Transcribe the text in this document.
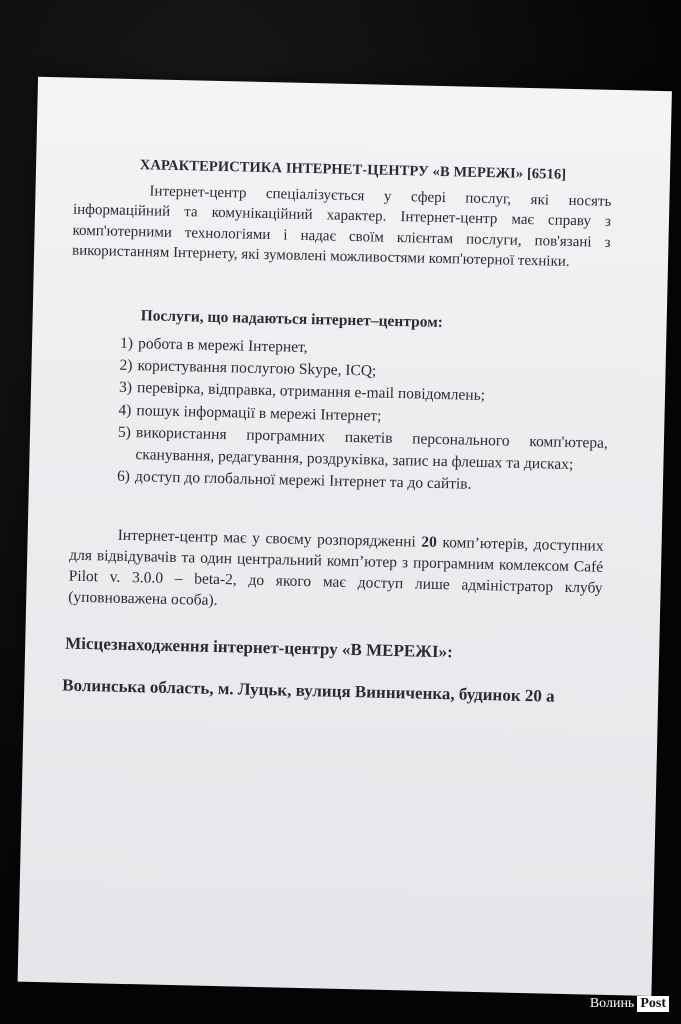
ХАРАКТЕРИСТИКА ІНТЕРНЕТ-ЦЕНТРУ «В МЕРЕЖІ» [6516]
Інтернет-центр спеціалізується у сфері послуг, які носять інформаційний та комунікаційний характер. Інтернет-центр має справу з комп'ютерними технологіями і надає своїм клієнтам послуги, пов'язані з використанням Інтернету, які зумовлені можливостями комп'ютерної техніки.
Послуги, що надаються інтернет–центром:
1) робота в мережі Інтернет,
2) користування послугою Skype, ICQ;
3) перевірка, відправка, отримання e-mail повідомлень;
4) пошук інформації в мережі Інтернет;
5) використання програмних пакетів персонального комп'ютера, сканування, редагування, роздруківка, запис на флешах та дисках;
6) доступ до глобальної мережі Інтернет та до сайтів.
Інтернет-центр має у своєму розпорядженні 20 комп’ютерів, доступних для відвідувачів та один центральний комп’ютер з програмним комлексом Café Pilot v. 3.0.0 – beta-2, до якого має доступ лише адміністратор клубу (уповноважена особа).
Місцезнаходження інтернет-центру «В МЕРЕЖІ»:
Волинська область, м. Луцьк, вулиця Винниченка, будинок 20 а
Волинь Post
